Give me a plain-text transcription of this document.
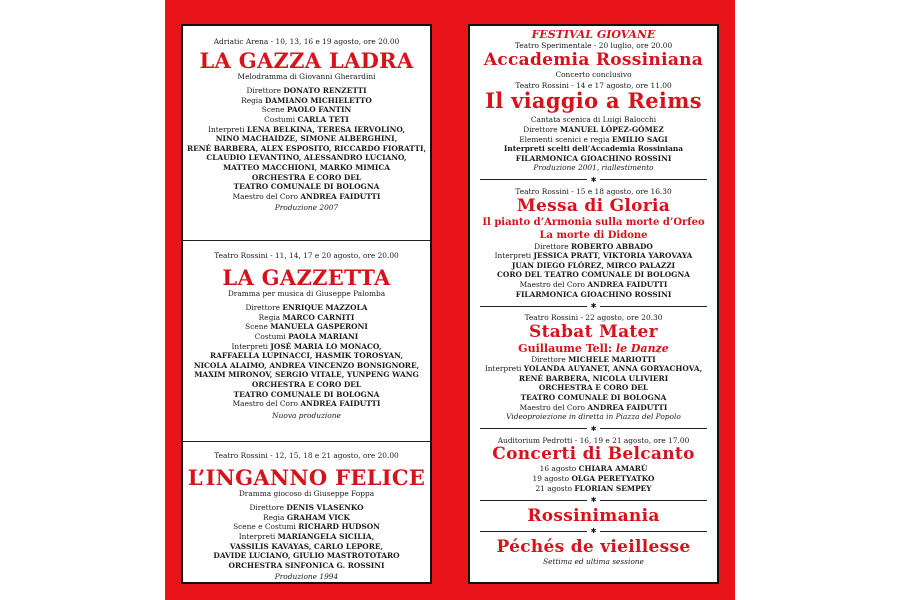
Adriatic Arena - 10, 13, 16 e 19 agosto, ore 20.00
LA GAZZA LADRA
Melodramma di Giovanni Gherardini
Direttore DONATO RENZETTI
Regia DAMIANO MICHIELETTO
Scene PAOLO FANTIN
Costumi CARLA TETI
Interpreti LENA BELKINA, TERESA IERVOLINO,
NINO MACHAIDZE, SIMONE ALBERGHINI,
RENÉ BARBERA, ALEX ESPOSITO, RICCARDO FIORATTI,
CLAUDIO LEVANTINO, ALESSANDRO LUCIANO,
MATTEO MACCHIONI, MARKO MIMICA
ORCHESTRA E CORO DEL
TEATRO COMUNALE DI BOLOGNA
Maestro del Coro ANDREA FAIDUTTI
Produzione 2007
Teatro Rossini - 11, 14, 17 e 20 agosto, ore 20.00
LA GAZZETTA
Dramma per musica di Giuseppe Palomba
Direttore ENRIQUE MAZZOLA
Regia MARCO CARNITI
Scene MANUELA GASPERONI
Costumi PAOLA MARIANI
Interpreti JOSÉ MARIA LO MONACO,
RAFFAELLA LUPINACCI, HASMIK TOROSYAN,
NICOLA ALAIMO, ANDREA VINCENZO BONSIGNORE,
MAXIM MIRONOV, SERGIO VITALE, YUNPENG WANG
ORCHESTRA E CORO DEL
TEATRO COMUNALE DI BOLOGNA
Maestro del Coro ANDREA FAIDUTTI
Nuova produzione
Teatro Rossini - 12, 15, 18 e 21 agosto, ore 20.00
L’INGANNO FELICE
Dramma giocoso di Giuseppe Foppa
Direttore DENIS VLASENKO
Regia GRAHAM VICK
Scene e Costumi RICHARD HUDSON
Interpreti MARIANGELA SICILIA,
VASSILIS KAVAYAS, CARLO LEPORE,
DAVIDE LUCIANO, GIULIO MASTROTOTARO
ORCHESTRA SINFONICA G. ROSSINI
Produzione 1994
FESTIVAL GIOVANE
Teatro Sperimentale - 20 luglio, ore 20.00
Accademia Rossiniana
Concerto conclusivo
Teatro Rossini - 14 e 17 agosto, ore 11.00
Il viaggio a Reims
Cantata scenica di Luigi Balocchi
Direttore MANUEL LÓPEZ-GÓMEZ
Elementi scenici e regia EMILIO SAGI
Interpreti scelti dell’Accademia Rossiniana
FILARMONICA GIOACHINO ROSSINI
Produzione 2001, riallestimento
✱
Teatro Rossini - 15 e 18 agosto, ore 16.30
Messa di Gloria
Il pianto d’Armonia sulla morte d’Orfeo
La morte di Didone
Direttore ROBERTO ABBADO
Interpreti JESSICA PRATT, VIKTORIA YAROVAYA
JUAN DIEGO FLÓREZ, MIRCO PALAZZI
CORO DEL TEATRO COMUNALE DI BOLOGNA
Maestro del Coro ANDREA FAIDUTTI
FILARMONICA GIOACHINO ROSSINI
✱
Teatro Rossini - 22 agosto, ore 20.30
Stabat Mater
Guillaume Tell: le Danze
Direttore MICHELE MARIOTTI
Interpreti YOLANDA AUYANET, ANNA GORYACHOVA,
RENÉ BARBERA, NICOLA ULIVIERI
ORCHESTRA E CORO DEL
TEATRO COMUNALE DI BOLOGNA
Maestro del Coro ANDREA FAIDUTTI
Videoproiezione in diretta in Piazza del Popolo
✱
Auditorium Pedrotti - 16, 19 e 21 agosto, ore 17.00
Concerti di Belcanto
16 agosto CHIARA AMARÙ
19 agosto OLGA PERETYATKO
21 agosto FLORIAN SEMPEY
✱
Rossinimania
✱
Péchés de vieillesse
Settima ed ultima sessione
